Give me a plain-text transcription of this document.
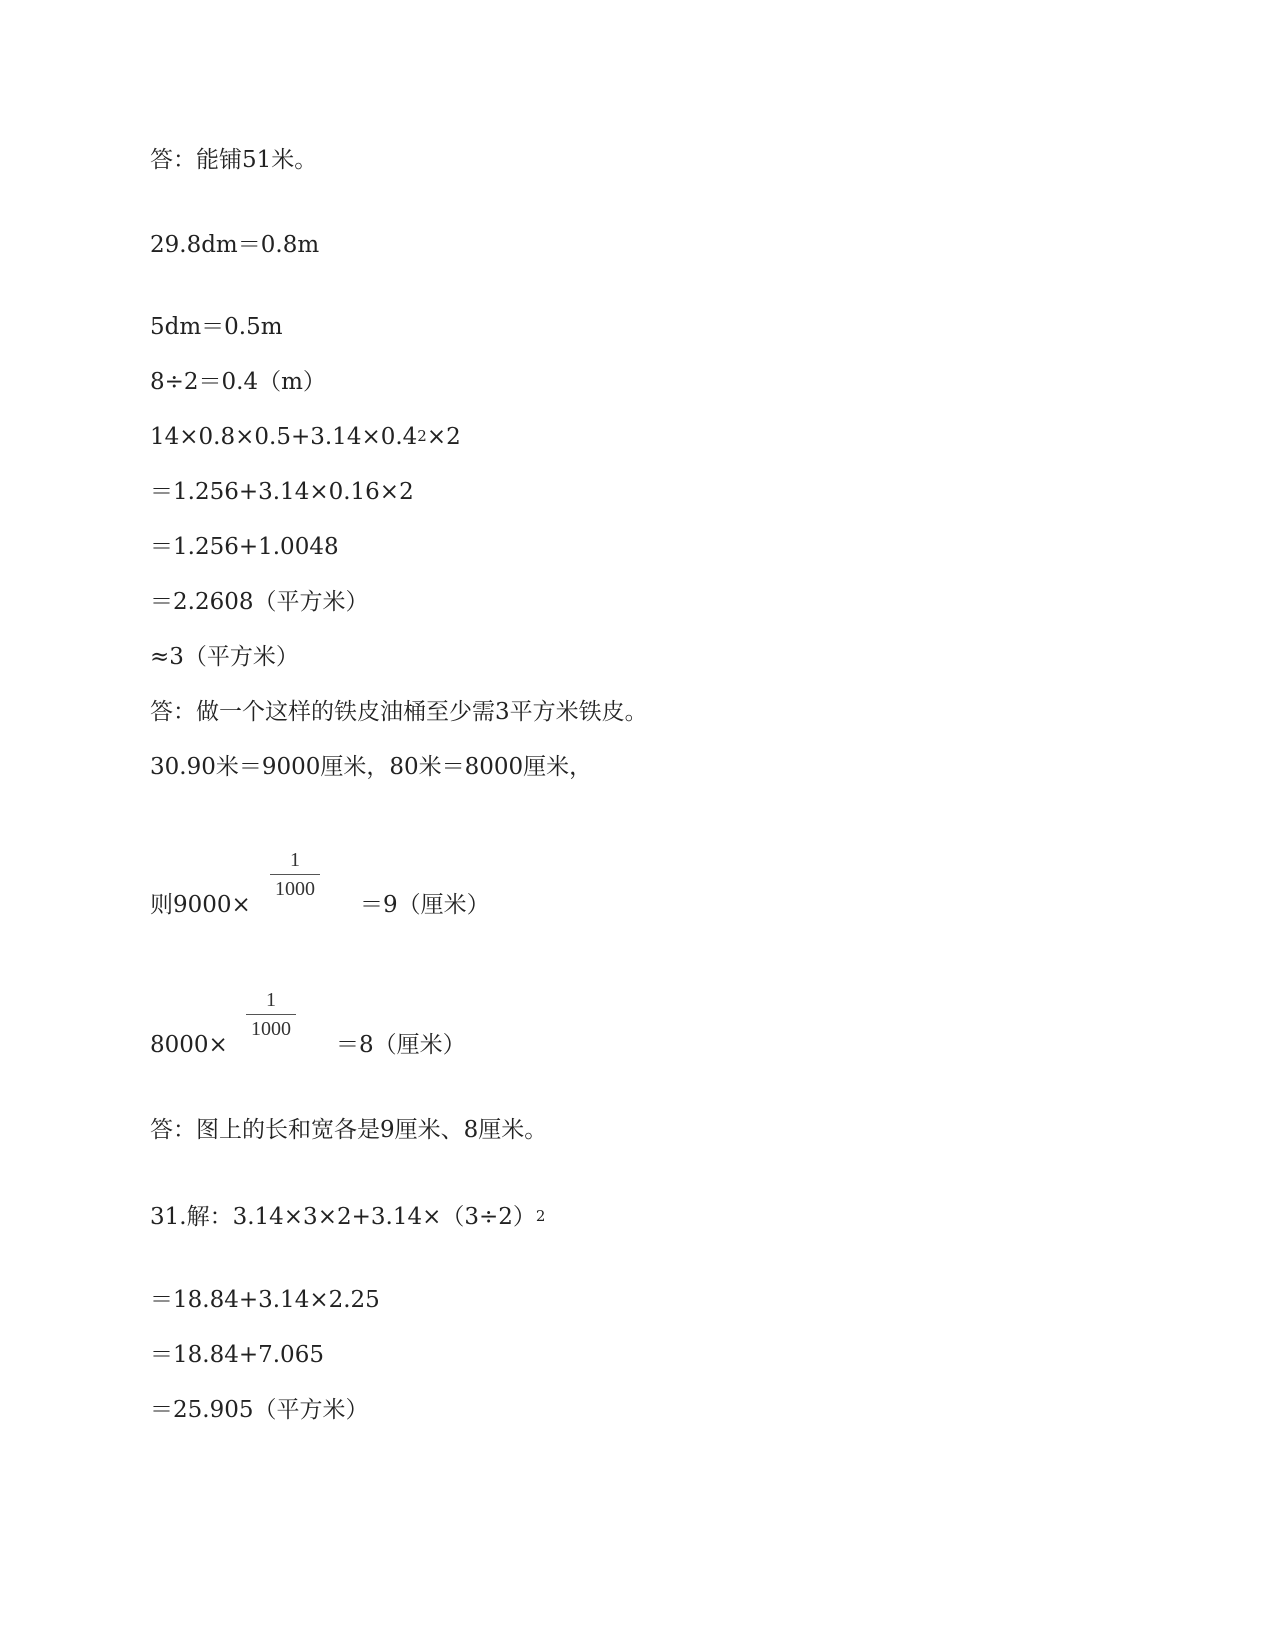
答：能铺51米。
29.8dm＝0.8m
5dm＝0.5m
8÷2＝0.4（m）
$14\times 0.8\times 0.5+3.14\times 0.4^2\times 2$
＝1.256+3.14×0.16×2
＝1.256+1.0048
＝2.2608（平方米）
≈3（平方米）
答：做一个这样的铁皮油桶至少需3平方米铁皮。
30.90米＝9000厘米，80米＝8000厘米，
则9000×
1
1000
＝9（厘米）
8000×
1
1000
＝8（厘米）
答：图上的长和宽各是9厘米、8厘米。
31.解：$3.14\times 3\times 2+3.14\times(3\div 2)^2$
＝18.84+3.14×2.25
＝18.84+7.065
＝25.905（平方米）
